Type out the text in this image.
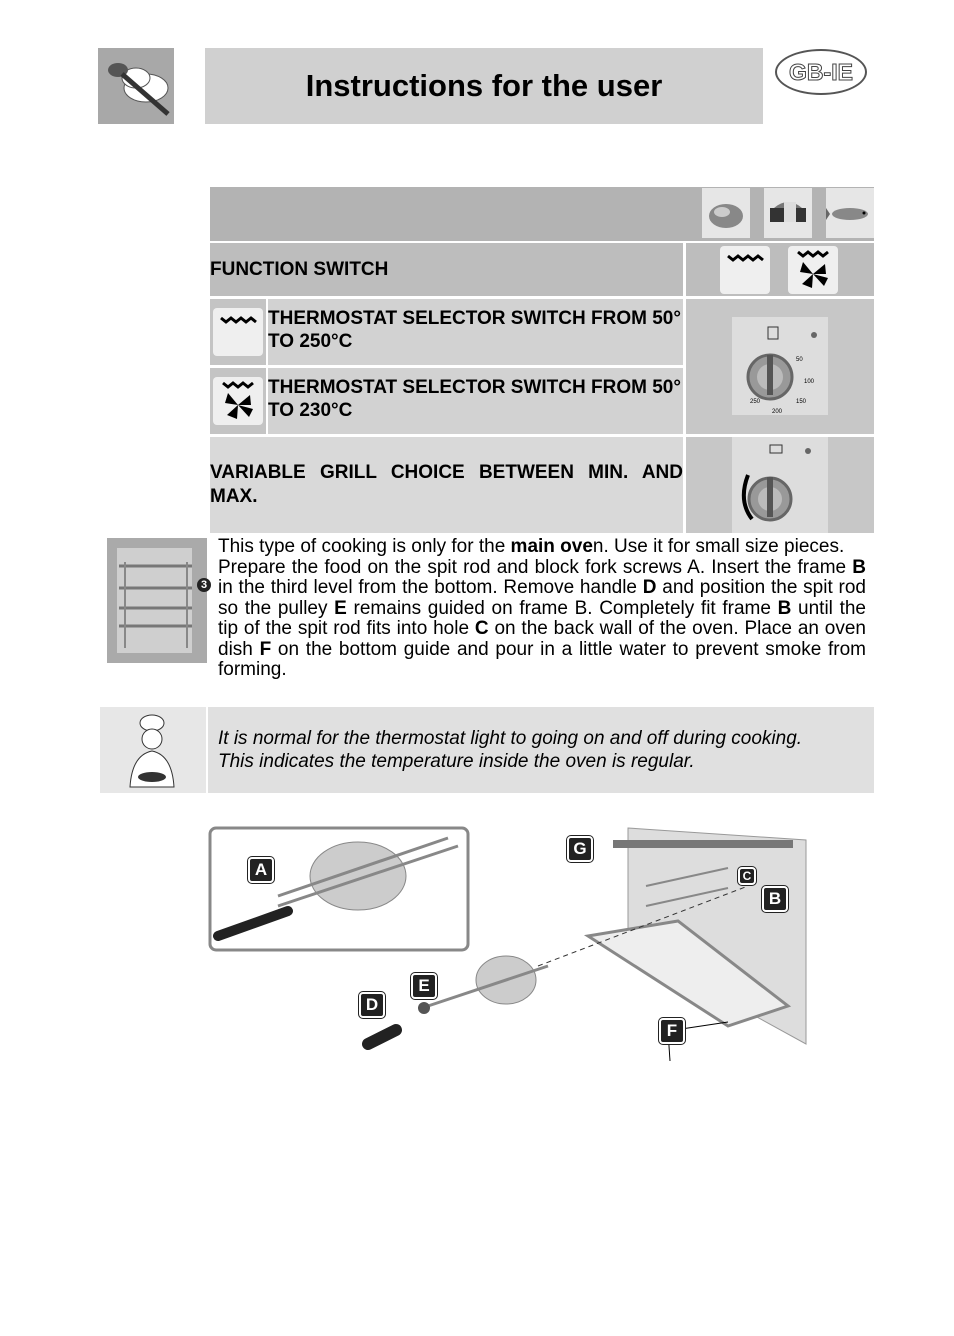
Instructions for the user	GB-IE
FUNCTION SWITCH
THERMOSTAT SELECTOR SWITCH FROM 50° TO 250°C
THERMOSTAT SELECTOR SWITCH FROM 50° TO 230°C
50
100
150
200
250
VARIABLE GRILL CHOICE BETWEEN MIN. AND
MAX.
3
This type of cooking is only for the main oven. Use it for small size pieces.
Prepare the food on the spit rod and block fork screws A. Insert the frame B in the third level from the bottom. Remove handle D and position the spit rod so the pulley E remains guided on frame B. Completely fit frame B until the tip of the spit rod fits into hole C on the back wall of the oven. Place an oven dish F on the bottom guide and pour in a little water to prevent smoke from forming.
It is normal for the thermostat light to going on and off during cooking.
This indicates the temperature inside the oven is regular.
A
G
C
B
E
D
F
